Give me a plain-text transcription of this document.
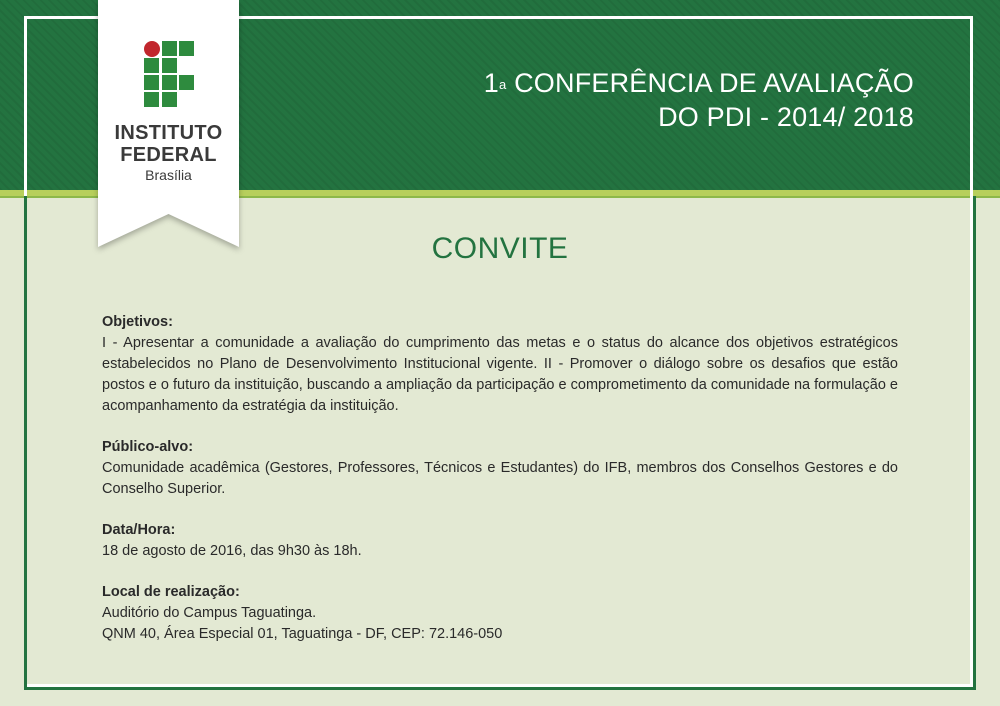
1$^a$ CONFERÊNCIA DE AVALIAÇÃO
DO PDI - 2014/ 2018
INSTITUTO
FEDERAL
Brasília
CONVITE
Objetivos:
I - Apresentar a comunidade a avaliação do cumprimento das metas e o status do alcance dos objetivos estratégicos estabelecidos no Plano de Desenvolvimento Institucional vigente. II - Promover o diálogo sobre os desafios que estão postos e o futuro da instituição, buscando a ampliação da participação e comprometimento da comunidade na formulação e acompanhamento da estratégia da instituição.
Público-alvo:
Comunidade acadêmica (Gestores, Professores, Técnicos e Estudantes) do IFB, membros dos Conselhos Gestores e do Conselho Superior.
Data/Hora:
18 de agosto de 2016, das 9h30 às 18h.
Local de realização:
Auditório do Campus Taguatinga.
QNM 40, Área Especial 01, Taguatinga - DF, CEP: 72.146-050
